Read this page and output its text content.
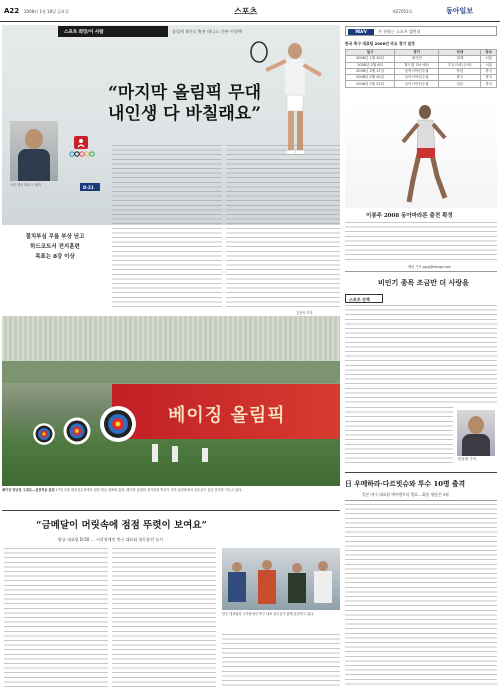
A22 2008년 1월 18일 금요일	스포츠	제27053호	동아일보
사진 제공 테니스 협회
스포츠 희망/이 사람	올림픽 4연속 출전 테니스 간판 이형택
“마지막 올림픽 무대
내인생 다 바칠래요”
D-21
절치부심 무릎 부상 딛고
하드코트서 전지훈련
목표는 8강 이상
김종석 기자
PAVV	가 전하는 스포츠 캘린더
한국 축구 대표팀 2008년 주요 경기 일정
일시	경기	상대	장소
2008년 1월 30일	평가전	칠레	서울
2008년 2월 6일	월드컵 3차 예선	투르크메니스탄	서울
2008년 2월 17일	동아시아선수권	북한	중국
2008년 2월 20일	동아시아선수권	중국	중국
2008년 2월 23일	동아시아선수권	일본	중국
이봉주 2008 동아마라톤 출전 확정
배영 기자 ygyg@donga.com
비인기 종목 조금만 더 사랑을
스포츠 산책
한동원 기자
베이징 올림픽
베이징 양궁장 그대로…실전적응 훈련 17일 서울 태릉선수촌에서 열린 양궁 대표팀 훈련. 베이징 올림픽 경기장과 똑같이 꾸민 훈련장에서 선수들이 실전 감각을 키우고 있다.
“금메달이 머릿속에 점점 뚜렷이 보여요”
양궁 대표팀 D-50 … 시각장애인 축구 대표와 합동훈련 실시
양궁 대표팀과 시각장애인 축구 대표 선수들이 함께 훈련하고 있다.
日 우메하라·다르빗슈와 투수 10명 출격
일본 야구 대표팀 예비엔트리 발표…최종 명단은 3월
